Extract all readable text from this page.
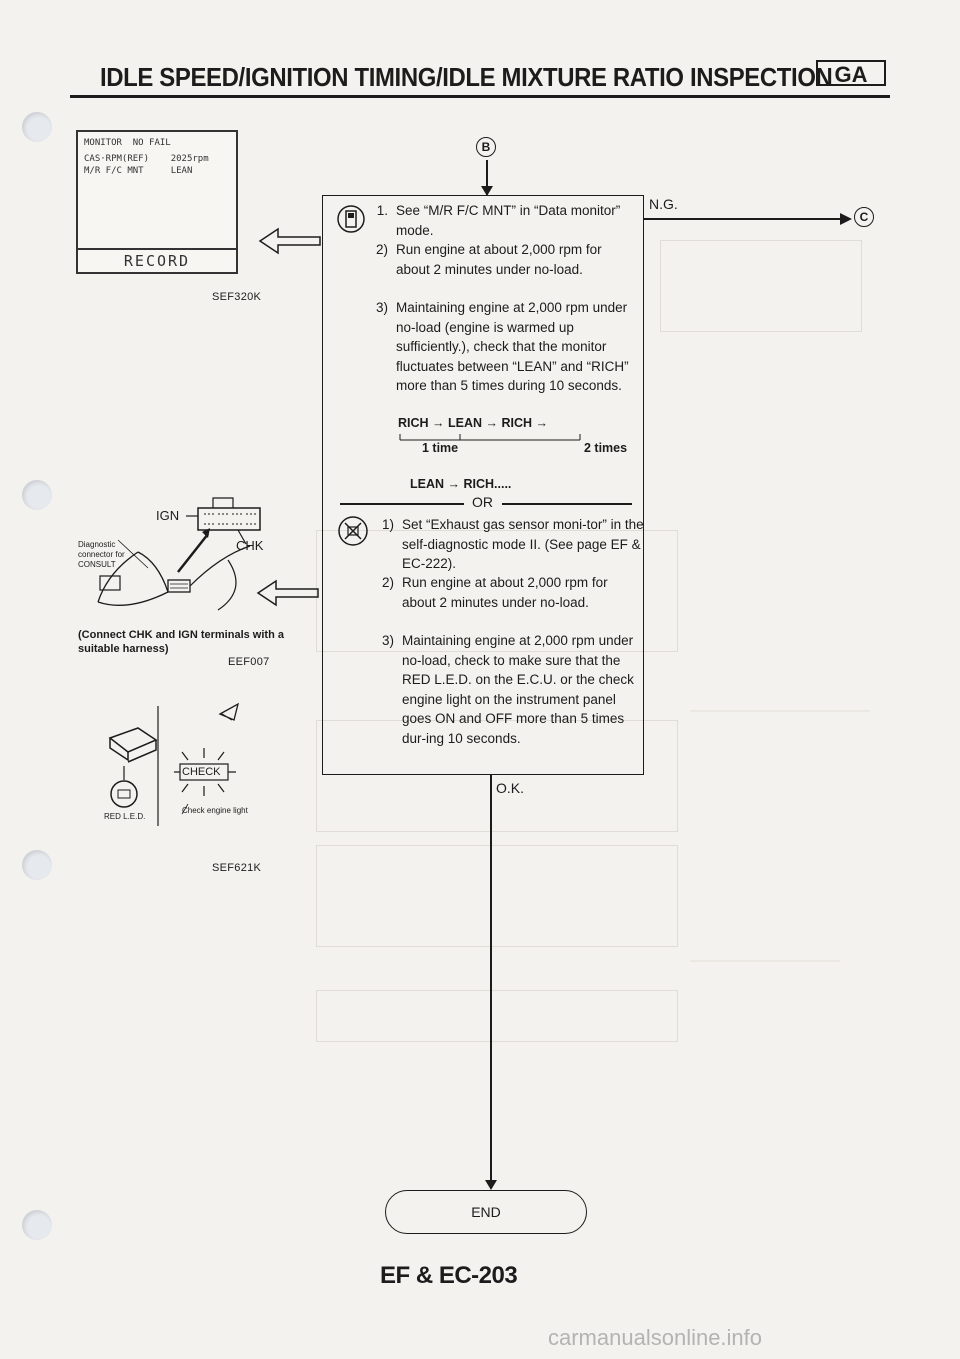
IDLE SPEED/IGNITION TIMING/IDLE MIXTURE RATIO INSPECTION GA
MONITOR  NO FAIL
CAS·RPM(REF)    2025rpm
M/R F/C MNT     LEAN
RECORD
SEF320K
IGN
CHK
Diagnostic connector for CONSULT
(Connect CHK and IGN terminals with a suitable harness)
EEF007
CHECK
RED L.E.D.
Check engine light
SEF621K
B
1. See “M/R F/C MNT” in “Data monitor” mode.
2) Run engine at about 2,000 rpm for about 2 minutes under no-load.
3) Maintaining engine at 2,000 rpm under no-load (engine is warmed up sufficiently.), check that the monitor fluctuates between “LEAN” and “RICH” more than 5 times during 10 seconds.
RICH → LEAN → RICH →
1 time	2 times
LEAN → RICH.....
OR
1) Set “Exhaust gas sensor moni-tor” in the self-diagnostic mode II. (See page EF & EC-222).
2) Run engine at about 2,000 rpm for about 2 minutes under no-load.
3) Maintaining engine at 2,000 rpm under no-load, check to make sure that the RED L.E.D. on the E.C.U. or the check engine light on the instrument panel goes ON and OFF more than 5 times dur-ing 10 seconds.
N.G.
C
O.K.
END
EF & EC-203
carmanualsonline.info
